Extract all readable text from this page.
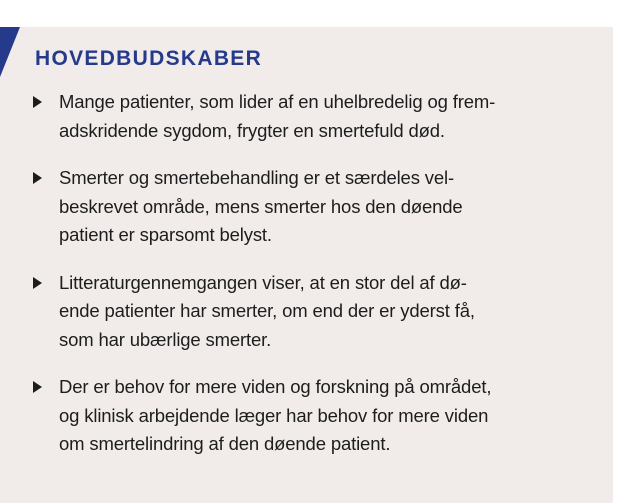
HOVEDBUDSKABER
Mange patienter, som lider af en uhelbredelig og frem-
adskridende sygdom, frygter en smertefuld død.
Smerter og smertebehandling er et særdeles vel-
beskrevet område, mens smerter hos den døende
patient er sparsomt belyst.
Litteraturgennemgangen viser, at en stor del af dø-
ende patienter har smerter, om end der er yderst få,
som har ubærlige smerter.
Der er behov for mere viden og forskning på området,
og klinisk arbejdende læger har behov for mere viden
om smertelindring af den døende patient.
